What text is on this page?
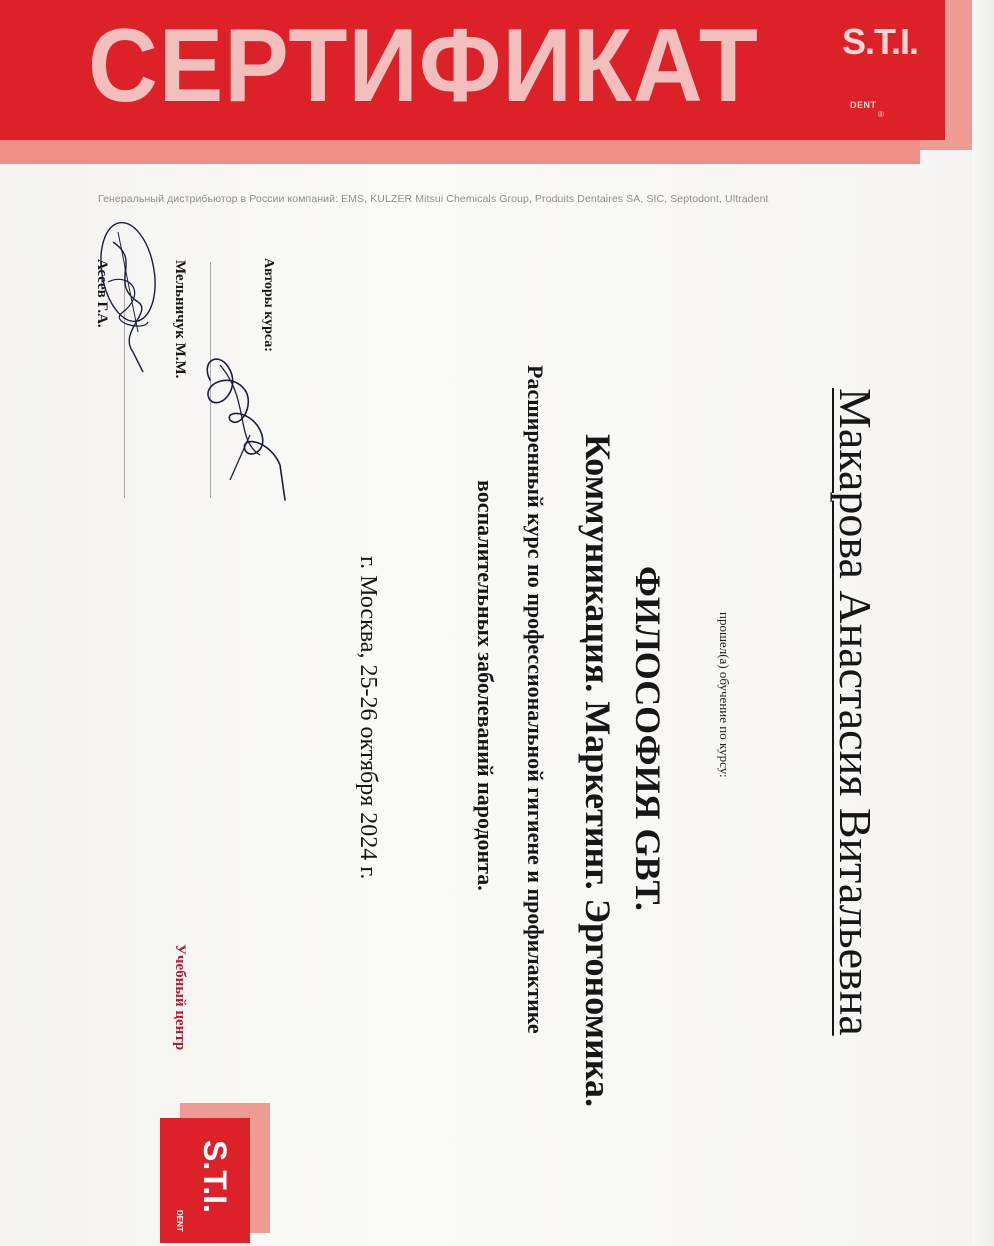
СЕРТИФИКАТ S.T.I.
DENT
®
Генеральный дистрибьютор в России компаний: EMS, KULZER Mitsui Chemicals Group, Produits Dentaires SA, SIC, Septodont, Ultradent
Макарова Анастасия Витальевна
прошел(а) обучение по курсу:
ФИЛОСОФИЯ GBT.
Коммуникация. Маркетинг. Эргономика.
Расширенный курс по профессиональной гигиене и профилактике
воспалительных заболеваний пародонта.
г. Москва, 25-26 октября 2024 г.
Авторы курса:
Мельничук М.М.
Асеев Г.А.
Учебный центр
S.T.I.
DENT
